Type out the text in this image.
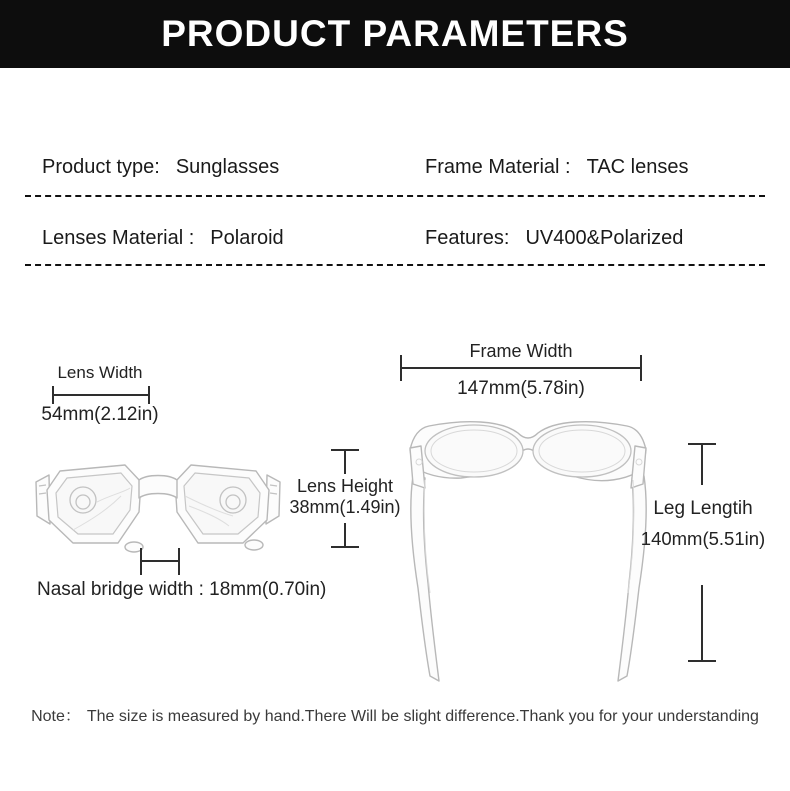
PRODUCT PARAMETERS
Product type: Sunglasses	Frame Material : TAC lenses
Lenses Material : Polaroid	Features: UV400&Polarized
Lens Width
54mm(2.12in)
Lens Height
38mm(1.49in)
Nasal bridge width : 18mm(0.70in)
Frame Width
147mm(5.78in)
Leg Lengtih
140mm(5.51in)
Note： The size is measured by hand.There Will be slight difference.Thank you for your understanding
